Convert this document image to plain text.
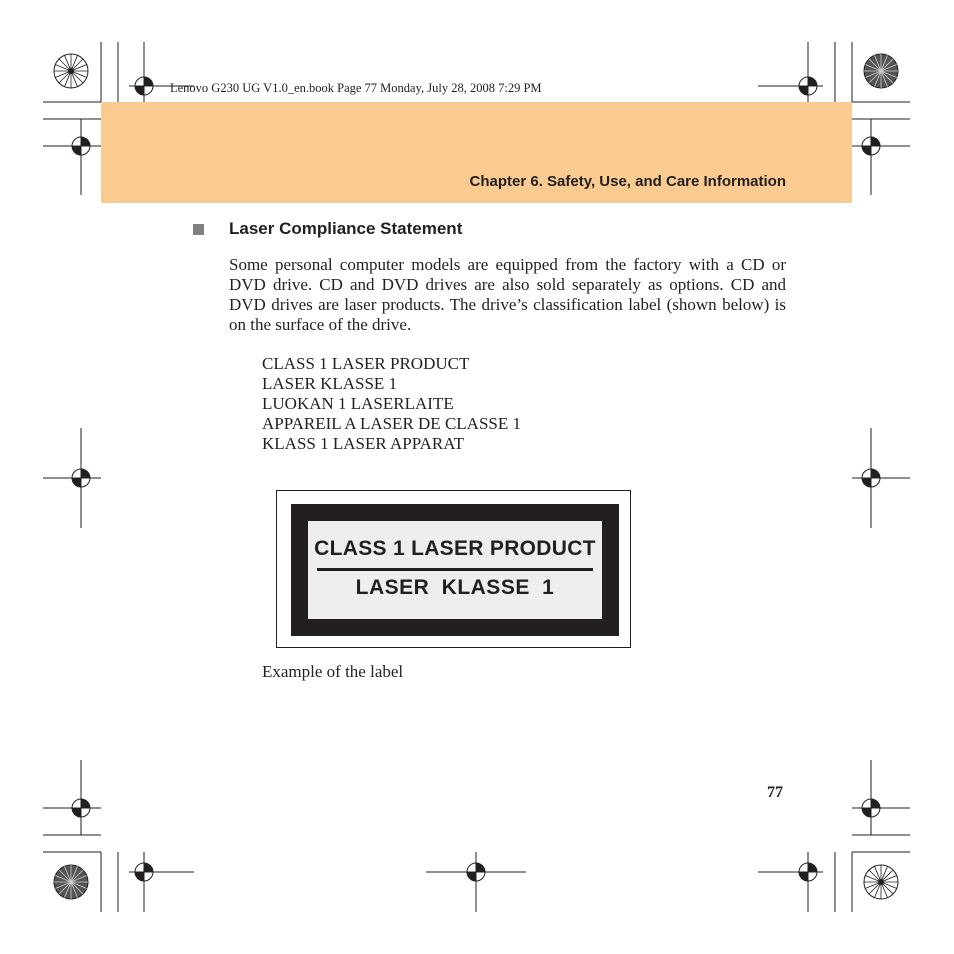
Lenovo G230 UG V1.0_en.book Page 77 Monday, July 28, 2008 7:29 PM
Chapter 6. Safety, Use, and Care Information
Laser Compliance Statement

Some personal computer models are equipped from the factory with a CD or DVD drive. CD and DVD drives are also sold separately as options. CD and DVD drives are laser products. The drive’s classification label (shown below) is on the surface of the drive.

CLASS 1 LASER PRODUCT
LASER KLASSE 1
LUOKAN 1 LASERLAITE
APPAREIL A LASER DE CLASSE 1
KLASS 1 LASER APPARAT
CLASS 1 LASER PRODUCT
LASER KLASSE 1
Example of the label
77
